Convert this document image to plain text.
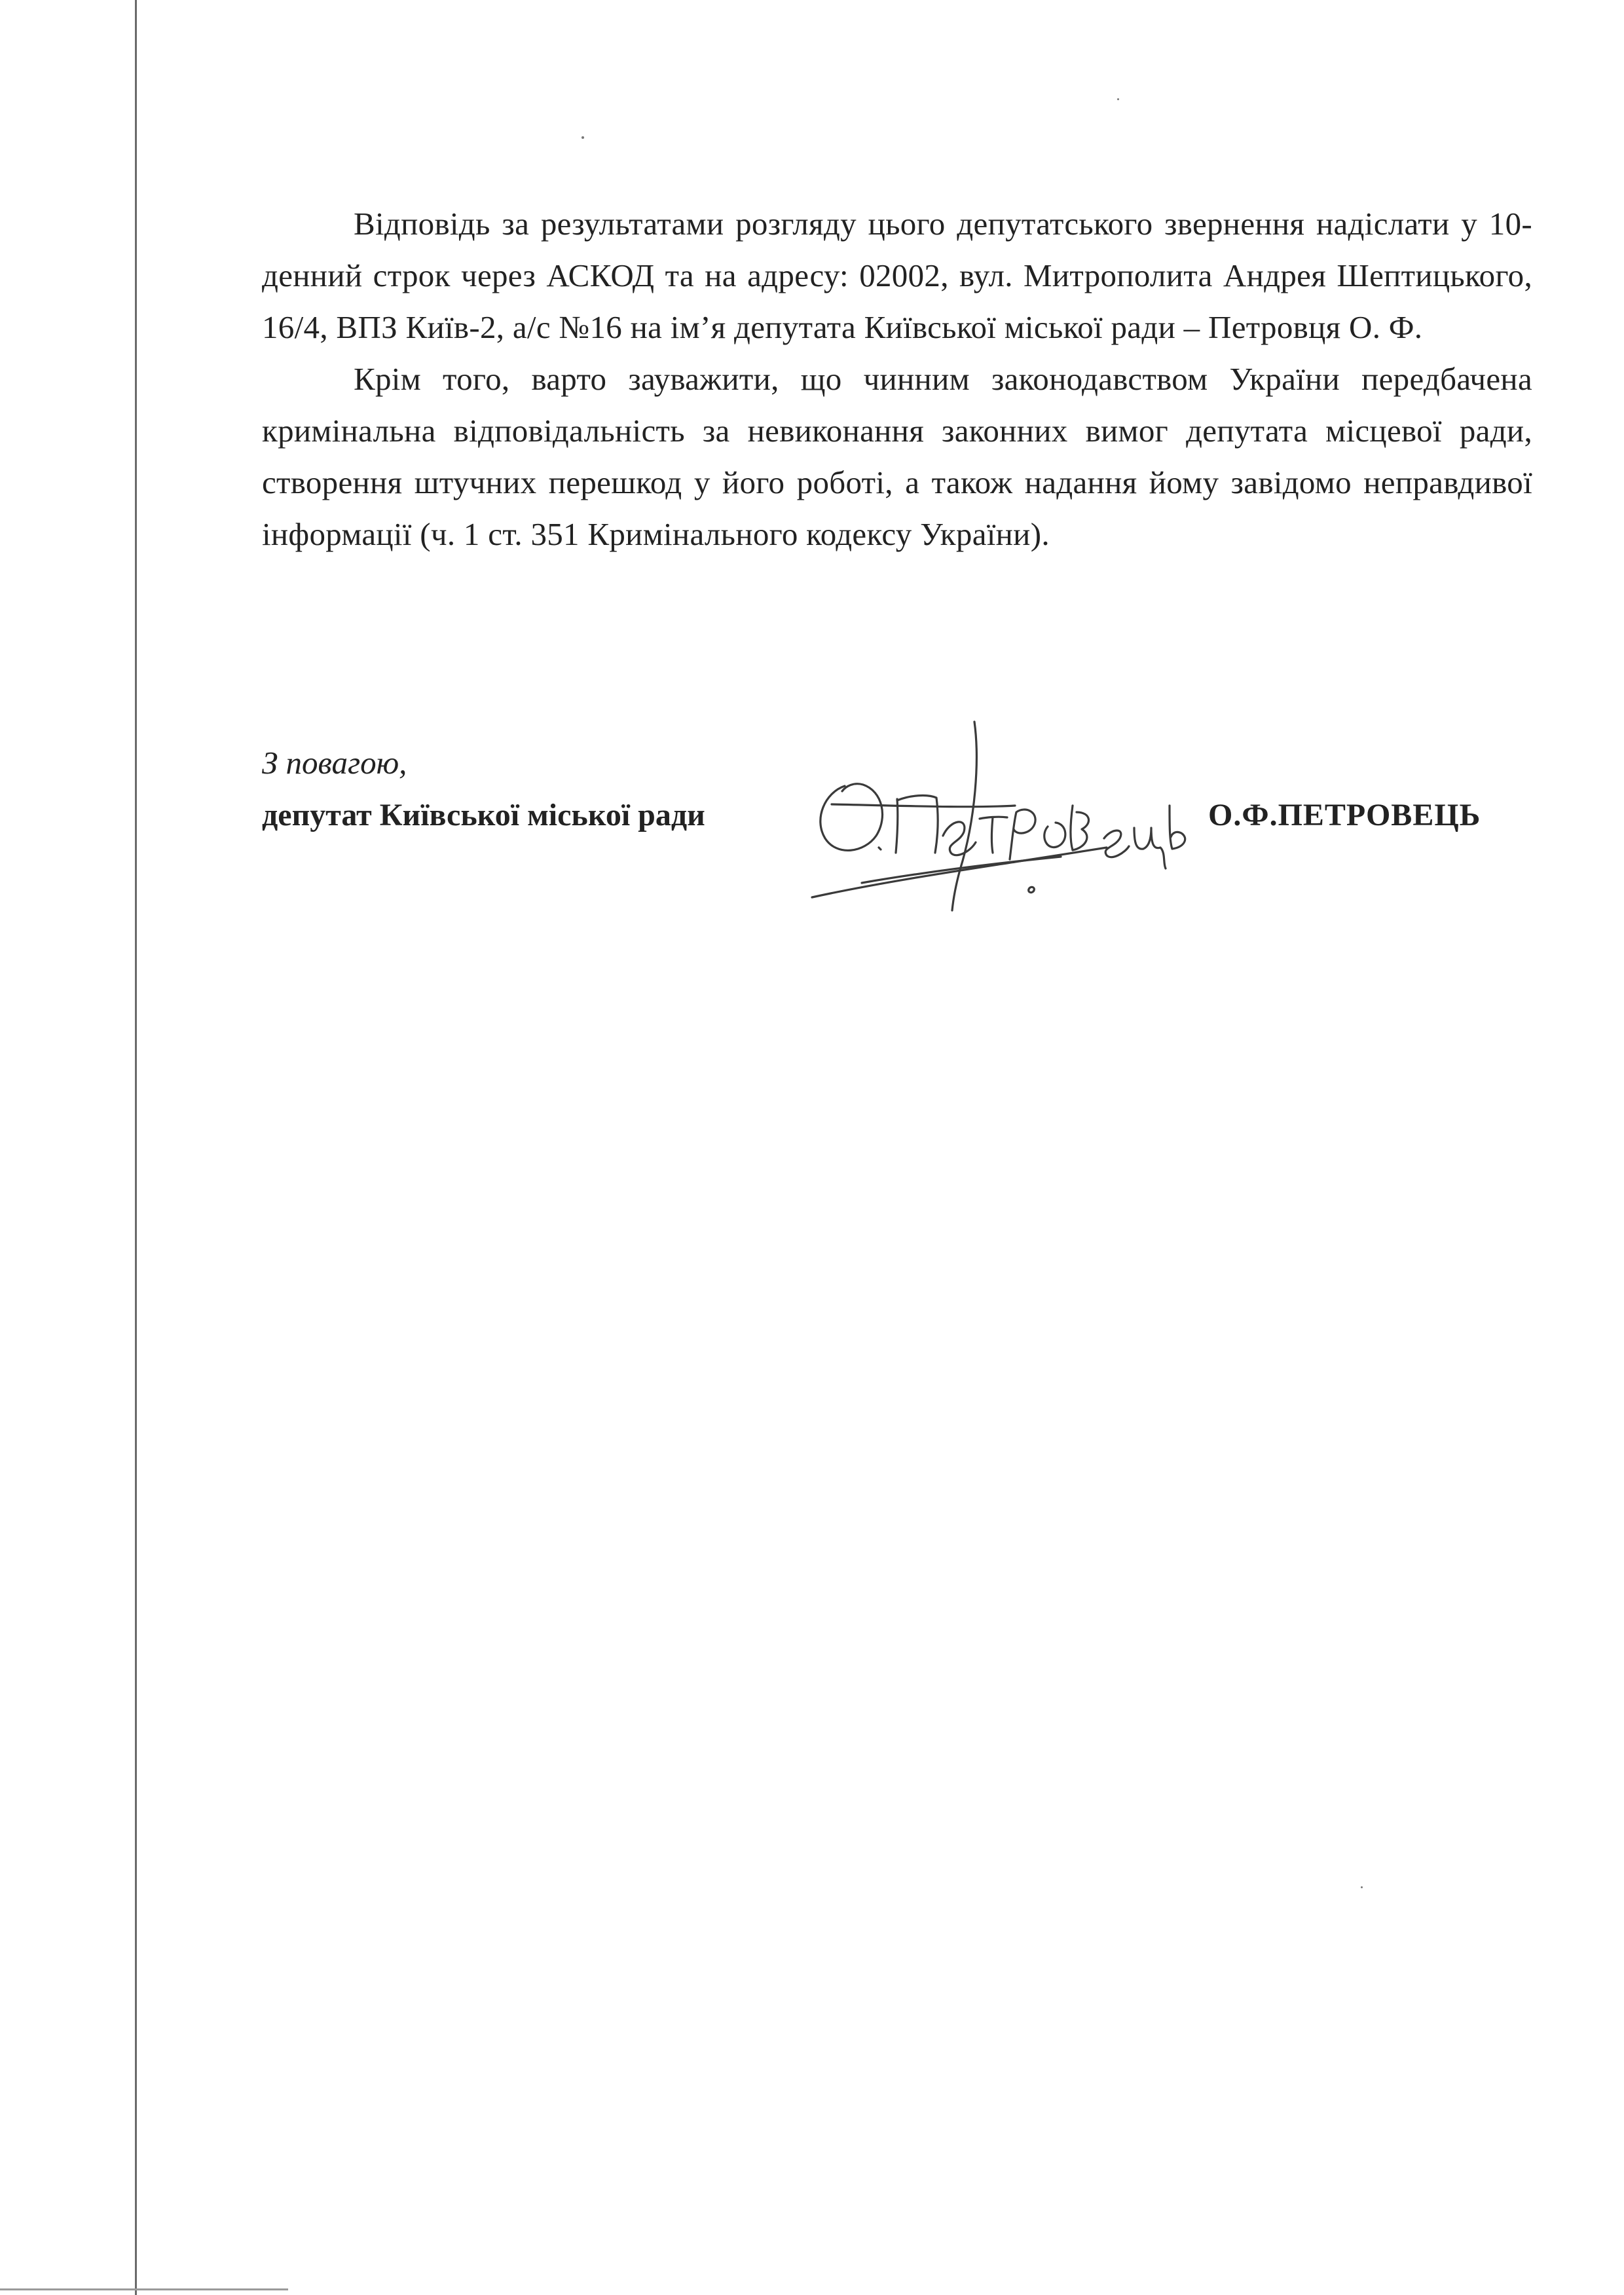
Відповідь за результатами розгляду цього депутатського звернення надіслати у 10-денний строк через АСКОД та на адресу: 02002, вул. Митрополита Андрея Шептицького, 16/4, ВПЗ Київ-2, а/с №16 на ім’я депутата Київської міської ради – Петровця О. Ф.

Крім того, варто зауважити, що чинним законодавством України передбачена кримінальна відповідальність за невиконання законних вимог депутата місцевої ради, створення штучних перешкод у його роботі, а також надання йому завідомо неправдивої інформації (ч. 1 ст. 351 Кримінального кодексу України).

З повагою,
депутат Київської міської ради	О.Ф.ПЕТРОВЕЦЬ
